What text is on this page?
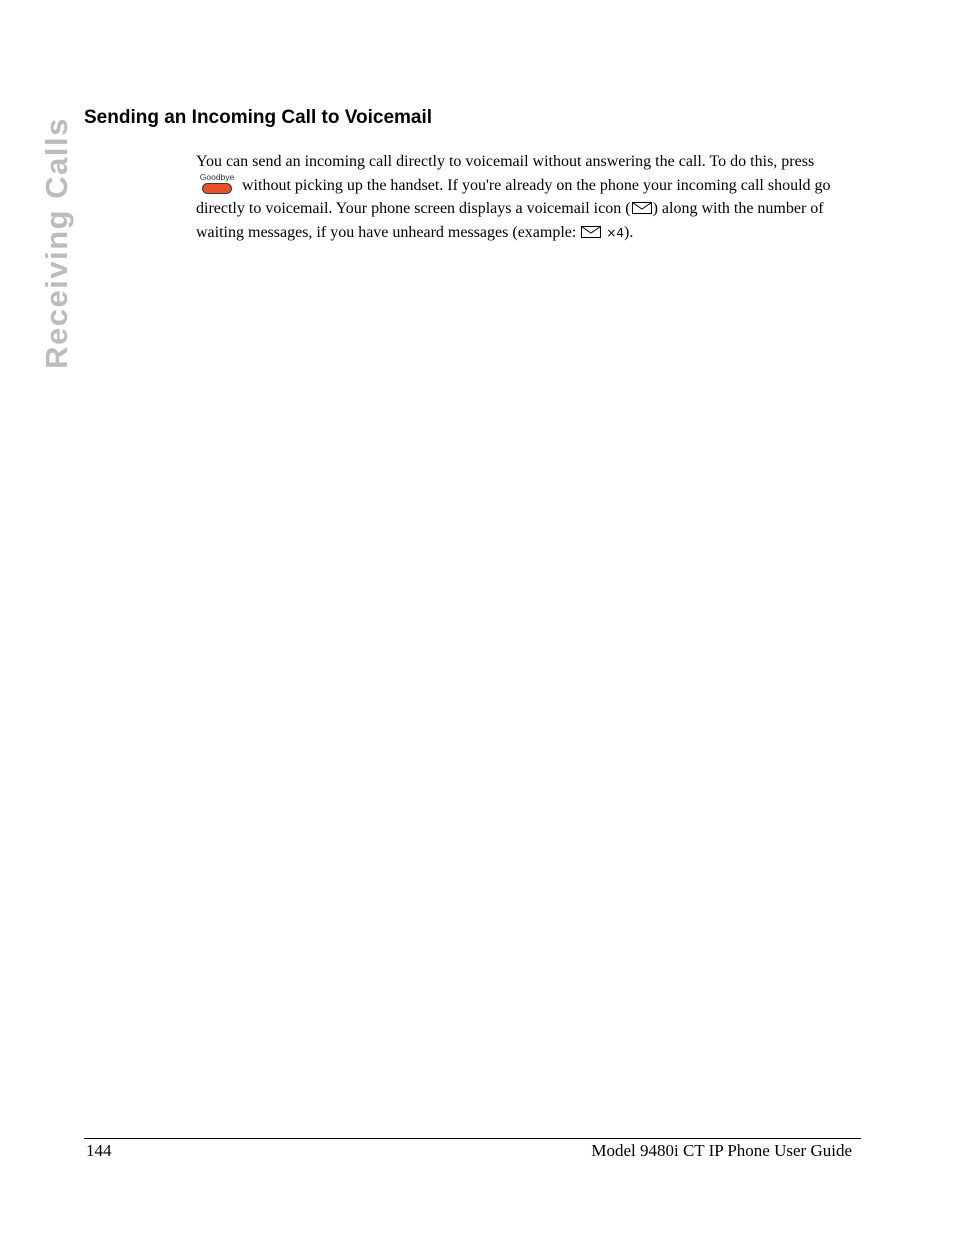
Receiving Calls Sending an Incoming Call to Voicemail

You can send an incoming call directly to voicemail without answering the call. To do this, press
Goodbye without picking up the handset. If you're already on the phone your incoming call should go directly to voicemail. Your phone screen displays a voicemail icon ( ) along with the number of waiting messages, if you have unheard messages (example:	×4).

144	Model 9480i CT IP Phone User Guide
